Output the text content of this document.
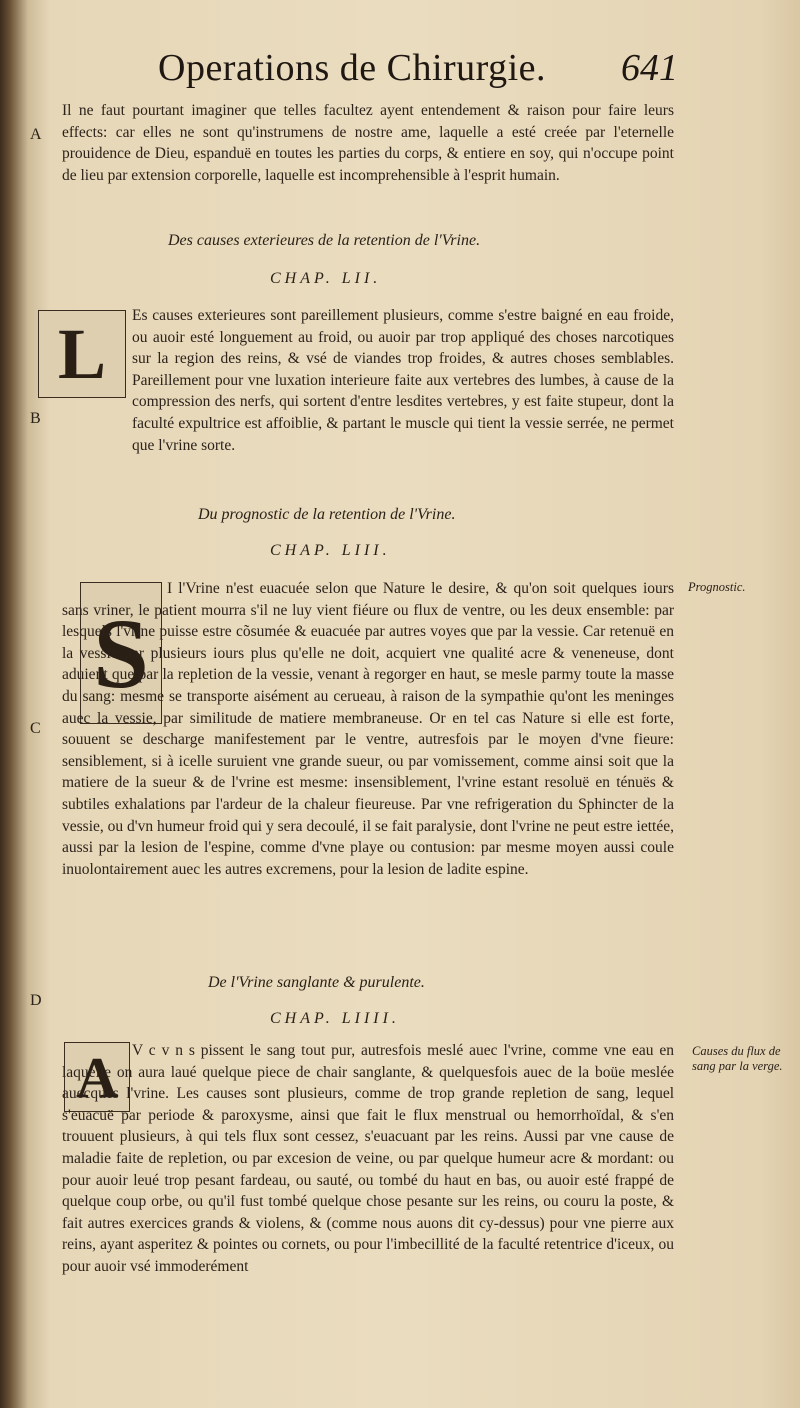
Operations de Chirurgie. 641
A
B
C
D

Il ne faut pourtant imaginer que telles facultez ayent entendement & raison pour faire leurs effects: car elles ne sont qu'instrumens de nostre ame, laquelle a esté creée par l'eternelle prouidence de Dieu, espanduë en toutes les parties du corps, & entiere en soy, qui n'occupe point de lieu par extension corporelle, laquelle est incomprehensible à l'esprit humain.

Des causes exterieures de la retention de l'Vrine.
CHAP. LII.
L	Es causes exterieures sont pareillement plusieurs, comme s'estre baigné en eau froide, ou auoir esté longuement au froid, ou auoir par trop appliqué des choses narcotiques sur la region des reins, & vsé de viandes trop froides, & autres choses semblables. Pareillement pour vne luxation interieure faite aux vertebres des lumbes, à cause de la compression des nerfs, qui sortent d'entre lesdites vertebres, y est faite stupeur, dont la faculté expultrice est affoiblie, & partant le muscle qui tient la vessie serrée, ne permet que l'vrine sorte.

Du prognostic de la retention de l'Vrine.
CHAP. LIII.
Prognostic.
S

I l'Vrine n'est euacuée selon que Nature le desire, & qu'on soit quelques iours sans vriner, le patient mourra s'il ne luy vient fiéure ou flux de ventre, ou les deux ensemble: par lesquels l'vrine puisse estre cõsumée & euacuée par autres voyes que par la vessie. Car retenuë en la vessie par plusieurs iours plus qu'elle ne doit, acquiert vne qualité acre & veneneuse, dont aduient que par la repletion de la vessie, venant à regorger en haut, se mesle parmy toute la masse du sang: mesme se transporte aisément au cerueau, à raison de la sympathie qu'ont les meninges auec la vessie, par similitude de matiere membraneuse. Or en tel cas Nature si elle est forte, souuent se descharge manifestement par le ventre, autresfois par le moyen d'vne fieure: sensiblement, si à icelle suruient vne grande sueur, ou par vomissement, comme ainsi soit que la matiere de la sueur & de l'vrine est mesme: insensiblement, l'vrine estant resoluë en ténuës & subtiles exhalations par l'ardeur de la chaleur fieureuse. Par vne refrigeration du Sphincter de la vessie, ou d'vn humeur froid qui y sera decoulé, il se fait paralysie, dont l'vrine ne peut estre iettée, aussi par la lesion de l'espine, comme d'vne playe ou contusion: par mesme moyen aussi coule inuolontairement auec les autres excremens, pour la lesion de ladite espine.

De l'Vrine sanglante & purulente.
CHAP. LIIII.
Causes du flux de sang par la verge.
A V c v n s pissent le sang tout pur, autresfois meslé auec l'vrine, comme vne eau en laquelle on aura laué quelque piece de chair sanglante, & quelquesfois auec de la boüe meslée auecques l'vrine. Les causes sont plusieurs, comme de trop grande repletion de sang, lequel s'euacuë par periode & paroxysme, ainsi que fait le flux menstrual ou hemorrhoïdal, & s'en trouuent plusieurs, à qui tels flux sont cessez, s'euacuant par les reins. Aussi par vne cause de maladie faite de repletion, ou par excesion de veine, ou par quelque humeur acre & mordant: ou pour auoir leué trop pesant fardeau, ou sauté, ou tombé du haut en bas, ou auoir esté frappé de quelque coup orbe, ou qu'il fust tombé quelque chose pesante sur les reins, ou couru la poste, & fait autres exercices grands & violens, & (comme nous auons dit cy-dessus) pour vne pierre aux reins, ayant asperitez & pointes ou cornets, ou pour l'imbecillité de la faculté retentrice d'iceux, ou pour auoir vsé immoderément
